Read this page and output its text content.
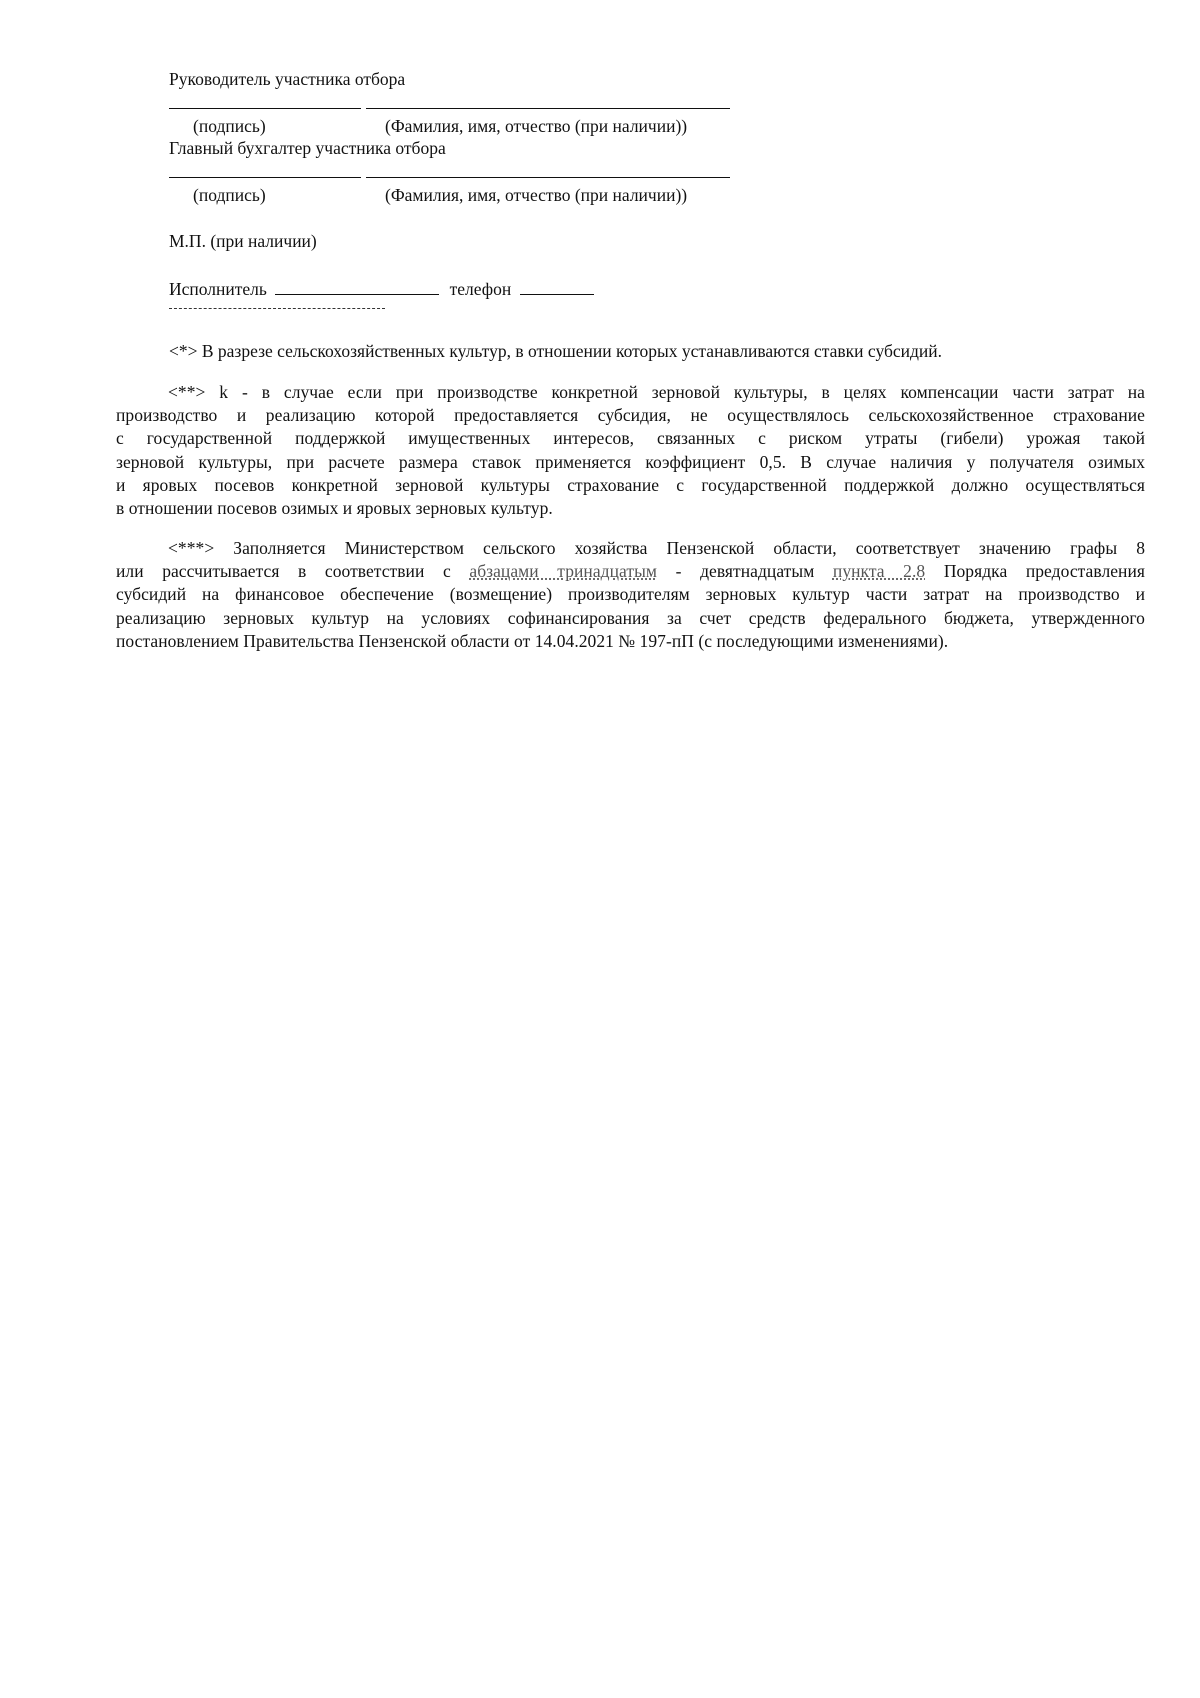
Руководитель участника отбора
(подпись)	(Фамилия, имя, отчество (при наличии))
Главный бухгалтер участника отбора
(подпись)	(Фамилия, имя, отчество (при наличии))
М.П. (при наличии)
Исполнитель	телефон
<*> В разрезе сельскохозяйственных культур, в отношении которых устанавливаются ставки субсидий.
<**> k - в случае если при производстве конкретной зерновой культуры, в целях компенсации части затрат на
производство и реализацию которой предоставляется субсидия, не осуществлялось сельскохозяйственное страхование
с государственной поддержкой имущественных интересов, связанных с риском утраты (гибели) урожая такой
зерновой культуры, при расчете размера ставок применяется коэффициент 0,5. В случае наличия у получателя озимых
и яровых посевов конкретной зерновой культуры страхование с государственной поддержкой должно осуществляться
в отношении посевов озимых и яровых зерновых культур.
<***> Заполняется Министерством сельского хозяйства Пензенской области, соответствует значению графы 8
или рассчитывается в соответствии с абзацами тринадцатым - девятнадцатым пункта 2.8 Порядка предоставления
субсидий на финансовое обеспечение (возмещение) производителям зерновых культур части затрат на производство и
реализацию зерновых культур на условиях софинансирования за счет средств федерального бюджета, утвержденного
постановлением Правительства Пензенской области от 14.04.2021 № 197-пП (с последующими изменениями).
